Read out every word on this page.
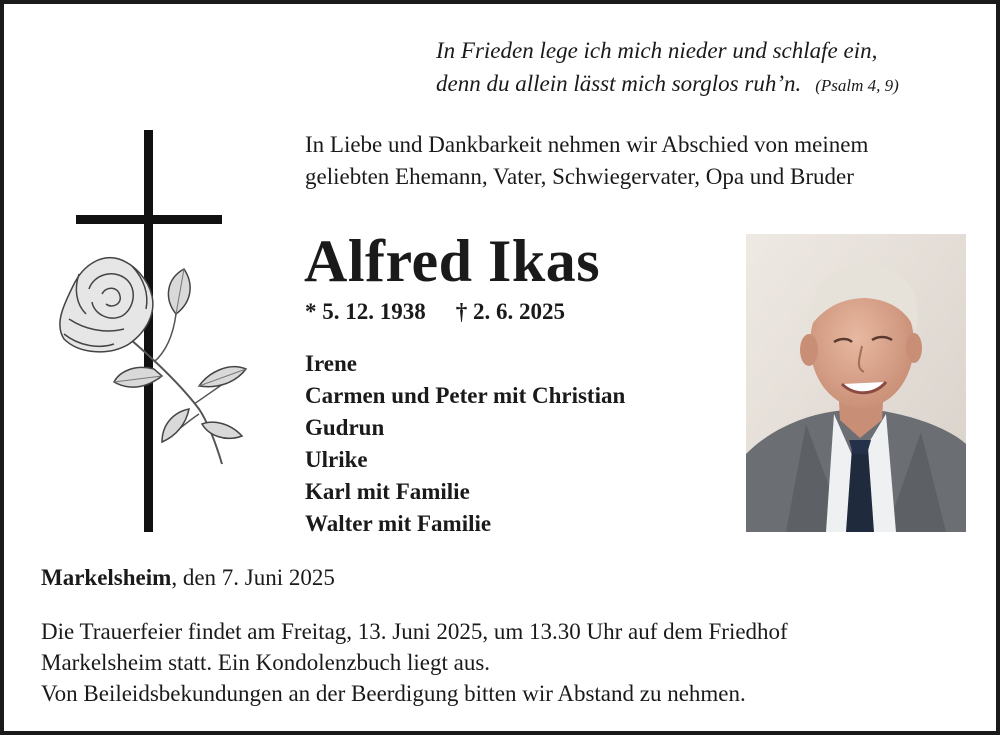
In Frieden lege ich mich nieder und schlafe ein,
denn du allein lässt mich sorglos ruh’n. (Psalm 4, 9)
In Liebe und Dankbarkeit nehmen wir Abschied von meinem
geliebten Ehemann, Vater, Schwiegervater, Opa und Bruder
Alfred Ikas
* 5. 12. 1938 † 2. 6. 2025
Irene
Carmen und Peter mit Christian
Gudrun
Ulrike
Karl mit Familie
Walter mit Familie
Markelsheim, den 7. Juni 2025
Die Trauerfeier findet am Freitag, 13. Juni 2025, um 13.30 Uhr auf dem Friedhof
Markelsheim statt. Ein Kondolenzbuch liegt aus.
Von Beileidsbekundungen an der Beerdigung bitten wir Abstand zu nehmen.
